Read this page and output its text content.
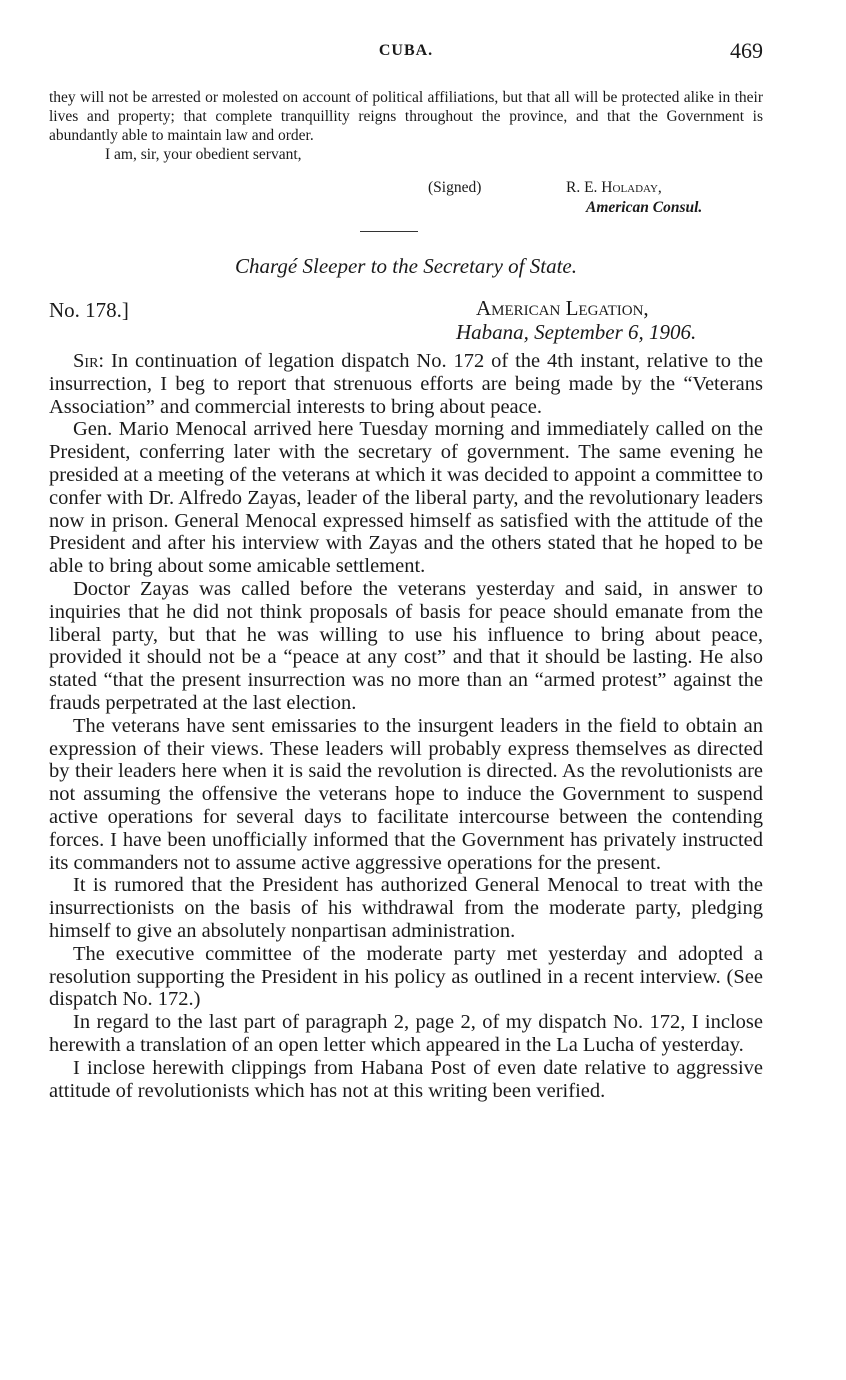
CUBA.	469

they will not be arrested or molested on account of political affiliations, but that all will be protected alike in their lives and property; that complete tranquillity reigns throughout the province, and that the Government is abundantly able to maintain law and order.

I am, sir, your obedient servant,

(Signed)	R. E. Holaday,
American Consul.
Chargé Sleeper to the Secretary of State.
No. 178.]	American Legation,
Habana, September 6, 1906.

Sir: In continuation of legation dispatch No. 172 of the 4th instant, relative to the insurrection, I beg to report that strenuous efforts are being made by the “Veterans Association” and commercial interests to bring about peace.

Gen. Mario Menocal arrived here Tuesday morning and immediately called on the President, conferring later with the secretary of government. The same evening he presided at a meeting of the veterans at which it was decided to appoint a committee to confer with Dr. Alfredo Zayas, leader of the liberal party, and the revolutionary leaders now in prison. General Menocal expressed himself as satisfied with the attitude of the President and after his interview with Zayas and the others stated that he hoped to be able to bring about some amicable settlement.

Doctor Zayas was called before the veterans yesterday and said, in answer to inquiries that he did not think proposals of basis for peace should emanate from the liberal party, but that he was willing to use his influence to bring about peace, provided it should not be a “peace at any cost” and that it should be lasting. He also stated “that the present insurrection was no more than an “armed protest” against the frauds perpetrated at the last election.

The veterans have sent emissaries to the insurgent leaders in the field to obtain an expression of their views. These leaders will probably express themselves as directed by their leaders here when it is said the revolution is directed. As the revolutionists are not assuming the offensive the veterans hope to induce the Government to suspend active operations for several days to facilitate intercourse between the contending forces. I have been unofficially informed that the Government has privately instructed its commanders not to assume active aggressive operations for the present.

It is rumored that the President has authorized General Menocal to treat with the insurrectionists on the basis of his withdrawal from the moderate party, pledging himself to give an absolutely nonpartisan administration.

The executive committee of the moderate party met yesterday and adopted a resolution supporting the President in his policy as outlined in a recent interview. (See dispatch No. 172.)

In regard to the last part of paragraph 2, page 2, of my dispatch No. 172, I inclose herewith a translation of an open letter which appeared in the La Lucha of yesterday.

I inclose herewith clippings from Habana Post of even date relative to aggressive attitude of revolutionists which has not at this writing been verified.
